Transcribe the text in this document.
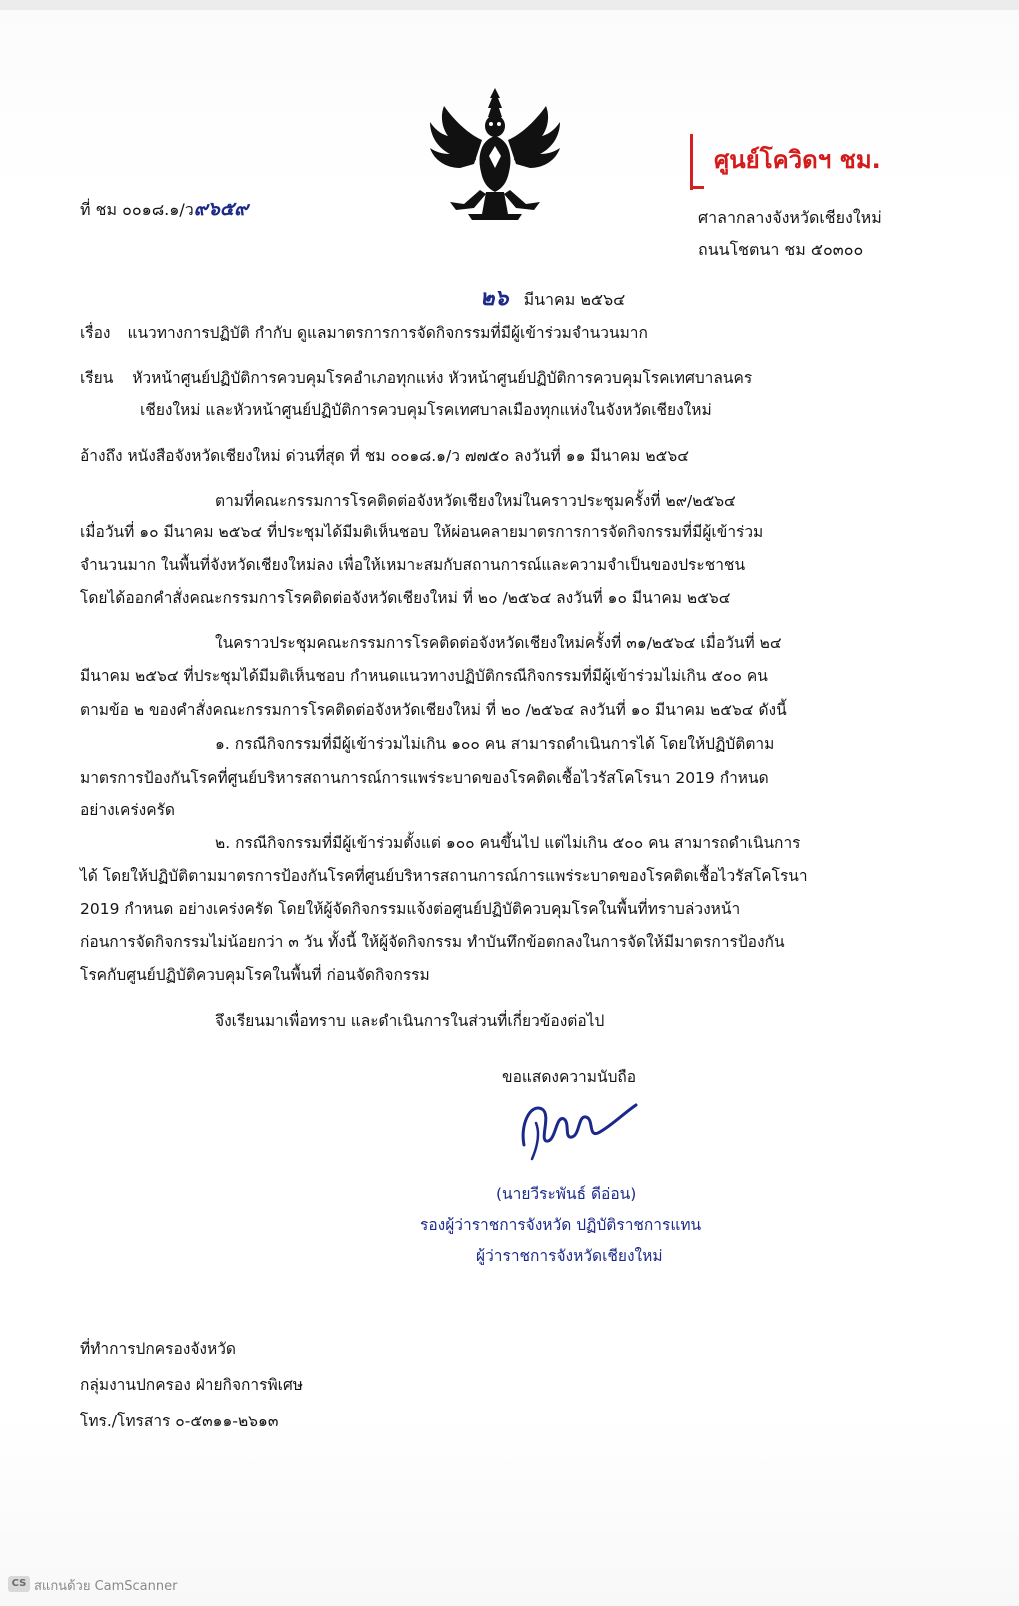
ที่ ชม ๐๐๑๘.๑/ว๙๖๕๙
ศูนย์โควิดฯ ชม.
ศาลากลางจังหวัดเชียงใหม่
ถนนโชตนา ชม ๕๐๓๐๐
๒๖ มีนาคม ๒๕๖๔
เรื่อง แนวทางการปฏิบัติ กำกับ ดูแลมาตรการการจัดกิจกรรมที่มีผู้เข้าร่วมจำนวนมาก
เรียน หัวหน้าศูนย์ปฏิบัติการควบคุมโรคอำเภอทุกแห่ง หัวหน้าศูนย์ปฏิบัติการควบคุมโรคเทศบาลนคร
เชียงใหม่ และหัวหน้าศูนย์ปฏิบัติการควบคุมโรคเทศบาลเมืองทุกแห่งในจังหวัดเชียงใหม่
อ้างถึง หนังสือจังหวัดเชียงใหม่ ด่วนที่สุด ที่ ชม ๐๐๑๘.๑/ว ๗๗๕๐ ลงวันที่ ๑๑ มีนาคม ๒๕๖๔
ตามที่คณะกรรมการโรคติดต่อจังหวัดเชียงใหม่ในคราวประชุมครั้งที่ ๒๙/๒๕๖๔
เมื่อวันที่ ๑๐ มีนาคม ๒๕๖๔ ที่ประชุมได้มีมติเห็นชอบ ให้ผ่อนคลายมาตรการการจัดกิจกรรมที่มีผู้เข้าร่วม
จำนวนมาก ในพื้นที่จังหวัดเชียงใหม่ลง เพื่อให้เหมาะสมกับสถานการณ์และความจำเป็นของประชาชน
โดยได้ออกคำสั่งคณะกรรมการโรคติดต่อจังหวัดเชียงใหม่ ที่ ๒๐ /๒๕๖๔ ลงวันที่ ๑๐ มีนาคม ๒๕๖๔
ในคราวประชุมคณะกรรมการโรคติดต่อจังหวัดเชียงใหม่ครั้งที่ ๓๑/๒๕๖๔ เมื่อวันที่ ๒๔
มีนาคม ๒๕๖๔ ที่ประชุมได้มีมติเห็นชอบ กำหนดแนวทางปฏิบัติกรณีกิจกรรมที่มีผู้เข้าร่วมไม่เกิน ๕๐๐ คน
ตามข้อ ๒ ของคำสั่งคณะกรรมการโรคติดต่อจังหวัดเชียงใหม่ ที่ ๒๐ /๒๕๖๔ ลงวันที่ ๑๐ มีนาคม ๒๕๖๔ ดังนี้
๑. กรณีกิจกรรมที่มีผู้เข้าร่วมไม่เกิน ๑๐๐ คน สามารถดำเนินการได้ โดยให้ปฏิบัติตาม
มาตรการป้องกันโรคที่ศูนย์บริหารสถานการณ์การแพร่ระบาดของโรคติดเชื้อไวรัสโคโรนา 2019 กำหนด
อย่างเคร่งครัด
๒. กรณีกิจกรรมที่มีผู้เข้าร่วมตั้งแต่ ๑๐๐ คนขึ้นไป แต่ไม่เกิน ๕๐๐ คน สามารถดำเนินการ
ได้ โดยให้ปฏิบัติตามมาตรการป้องกันโรคที่ศูนย์บริหารสถานการณ์การแพร่ระบาดของโรคติดเชื้อไวรัสโคโรนา
2019 กำหนด อย่างเคร่งครัด โดยให้ผู้จัดกิจกรรมแจ้งต่อศูนย์ปฏิบัติควบคุมโรคในพื้นที่ทราบล่วงหน้า
ก่อนการจัดกิจกรรมไม่น้อยกว่า ๓ วัน ทั้งนี้ ให้ผู้จัดกิจกรรม ทำบันทึกข้อตกลงในการจัดให้มีมาตรการป้องกัน
โรคกับศูนย์ปฏิบัติควบคุมโรคในพื้นที่ ก่อนจัดกิจกรรม
จึงเรียนมาเพื่อทราบ และดำเนินการในส่วนที่เกี่ยวข้องต่อไป
ขอแสดงความนับถือ
(นายวีระพันธ์ ดีอ่อน)
รองผู้ว่าราชการจังหวัด ปฏิบัติราชการแทน
ผู้ว่าราชการจังหวัดเชียงใหม่
ที่ทำการปกครองจังหวัด
กลุ่มงานปกครอง ฝ่ายกิจการพิเศษ
โทร./โทรสาร ๐-๕๓๑๑-๒๖๑๓
CS สแกนด้วย CamScanner
